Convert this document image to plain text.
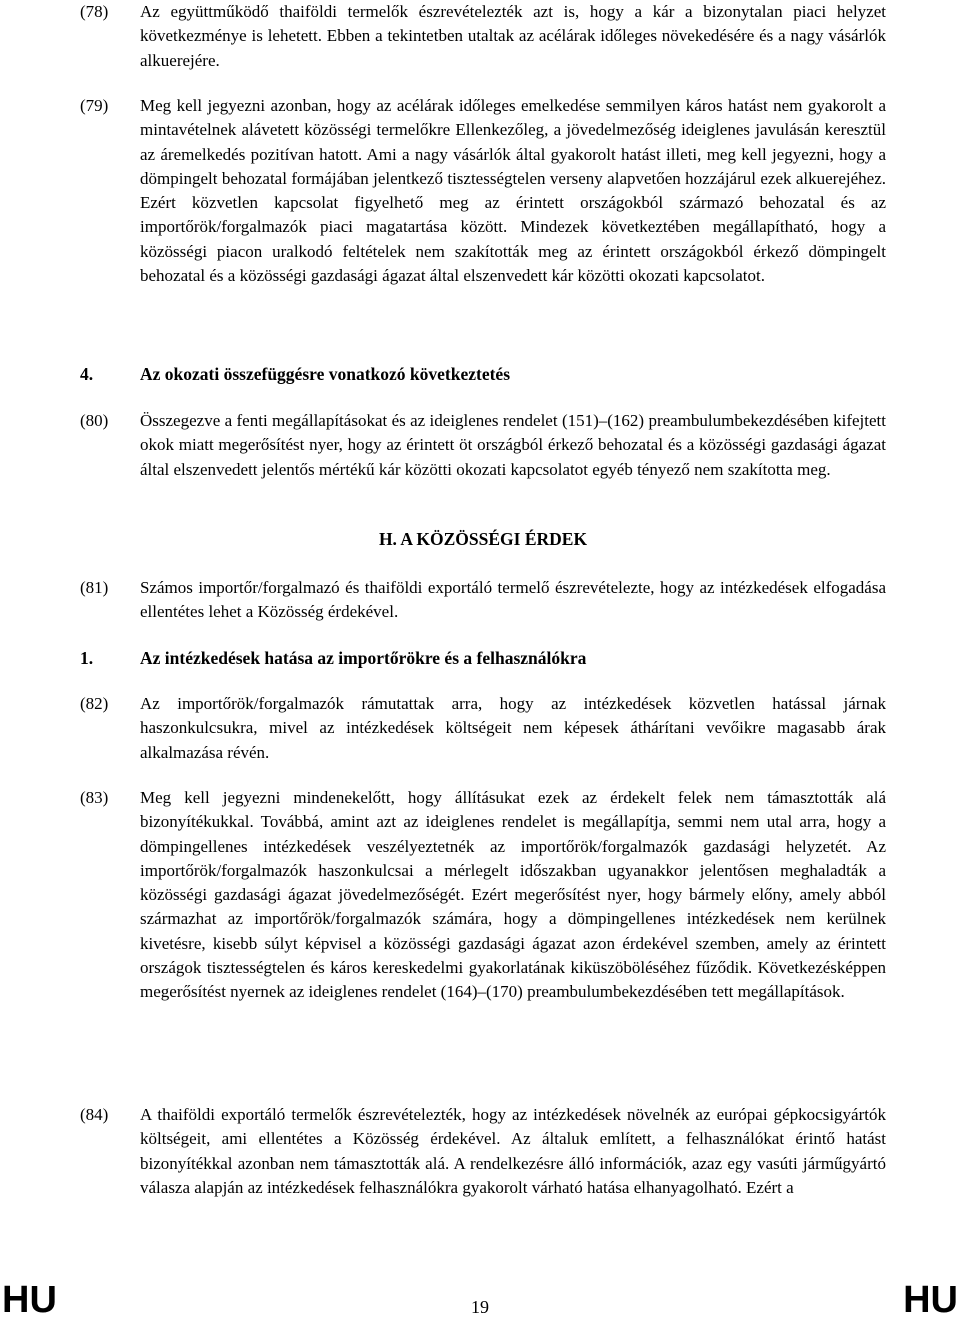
(78) Az együttműködő thaiföldi termelők észrevételezték azt is, hogy a kár a bizonytalan piaci helyzet következménye is lehetett. Ebben a tekintetben utaltak az acélárak időleges növekedésére és a nagy vásárlók alkuerejére.
(79) Meg kell jegyezni azonban, hogy az acélárak időleges emelkedése semmilyen káros hatást nem gyakorolt a mintavételnek alávetett közösségi termelőkre Ellenkezőleg, a jövedelmezőség ideiglenes javulásán keresztül az áremelkedés pozitívan hatott. Ami a nagy vásárlók által gyakorolt hatást illeti, meg kell jegyezni, hogy a dömpingelt behozatal formájában jelentkező tisztességtelen verseny alapvetően hozzájárul ezek alkuerejéhez. Ezért közvetlen kapcsolat figyelhető meg az érintett országokból származó behozatal és az importőrök/forgalmazók piaci magatartása között. Mindezek következtében megállapítható, hogy a közösségi piacon uralkodó feltételek nem szakították meg az érintett országokból érkező dömpingelt behozatal és a közösségi gazdasági ágazat által elszenvedett kár közötti okozati kapcsolatot.
4.	Az okozati összefüggésre vonatkozó következtetés
(80) Összegezve a fenti megállapításokat és az ideiglenes rendelet (151)–(162) preambulumbekezdésében kifejtett okok miatt megerősítést nyer, hogy az érintett öt országból érkező behozatal és a közösségi gazdasági ágazat által elszenvedett jelentős mértékű kár közötti okozati kapcsolatot egyéb tényező nem szakította meg.
H. A KÖZÖSSÉGI ÉRDEK
(81) Számos importőr/forgalmazó és thaiföldi exportáló termelő észrevételezte, hogy az intézkedések elfogadása ellentétes lehet a Közösség érdekével.
1.	Az intézkedések hatása az importőrökre és a felhasználókra
(82) Az importőrök/forgalmazók rámutattak arra, hogy az intézkedések közvetlen hatással járnak haszonkulcsukra, mivel az intézkedések költségeit nem képesek áthárítani vevőikre magasabb árak alkalmazása révén.
(83) Meg kell jegyezni mindenekelőtt, hogy állításukat ezek az érdekelt felek nem támasztották alá bizonyítékukkal. Továbbá, amint azt az ideiglenes rendelet is megállapítja, semmi nem utal arra, hogy a dömpingellenes intézkedések veszélyeztetnék az importőrök/forgalmazók gazdasági helyzetét. Az importőrök/forgalmazók haszonkulcsai a mérlegelt időszakban ugyanakkor jelentősen meghaladták a közösségi gazdasági ágazat jövedelmezőségét. Ezért megerősítést nyer, hogy bármely előny, amely abból származhat az importőrök/forgalmazók számára, hogy a dömpingellenes intézkedések nem kerülnek kivetésre, kisebb súlyt képvisel a közösségi gazdasági ágazat azon érdekével szemben, amely az érintett országok tisztességtelen és káros kereskedelmi gyakorlatának kiküszöböléséhez fűződik. Következésképpen megerősítést nyernek az ideiglenes rendelet (164)–(170) preambulumbekezdésében tett megállapítások.
(84) A thaiföldi exportáló termelők észrevételezték, hogy az intézkedések növelnék az európai gépkocsigyártók költségeit, ami ellentétes a Közösség érdekével. Az általuk említett, a felhasználókat érintő hatást bizonyítékkal azonban nem támasztották alá. A rendelkezésre álló információk, azaz egy vasúti járműgyártó válasza alapján az intézkedések felhasználókra gyakorolt várható hatása elhanyagolható. Ezért a
HU	19	HU
